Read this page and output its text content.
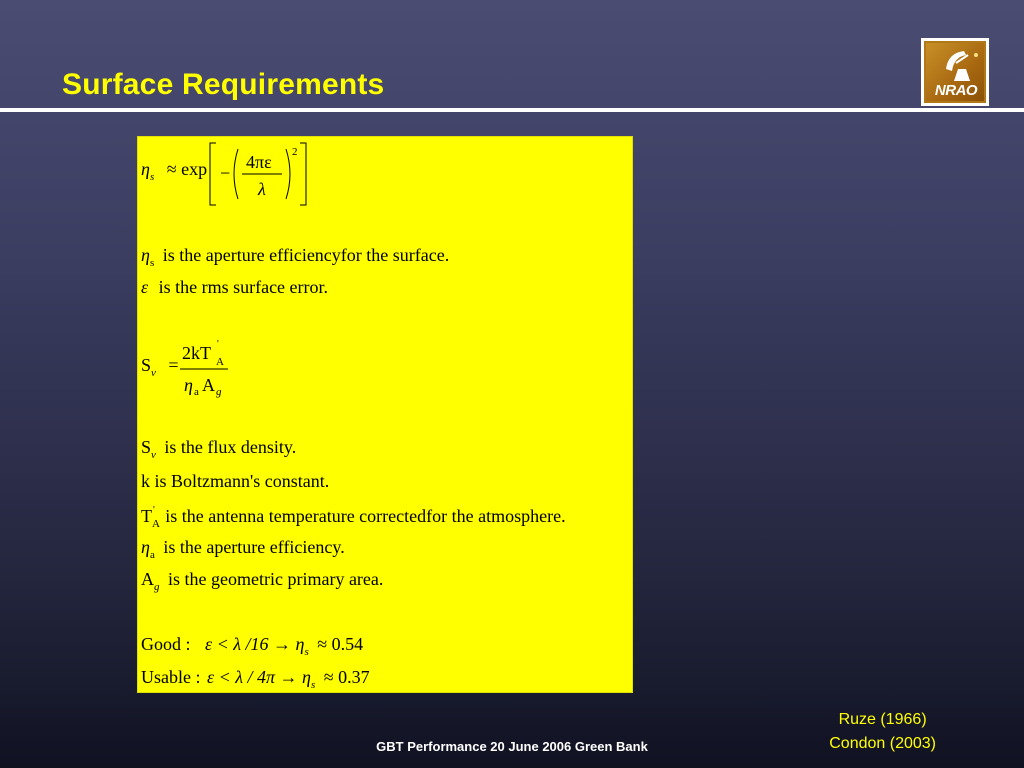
Surface Requirements	NRAO
$\eta_s \approx \exp$ −
4πε
λ
2
$\eta_s$ is the aperture efficiencyfor the surface.
ε is the rms surface error.
$S_\nu$ =
2kT A
'
η a A g
$S_\nu$ is the flux density.
k is Boltzmann's constant.
$T_A'$ is the antenna temperature correctedfor the atmosphere.
$\eta_a$ is the aperture efficiency.
$A_g$ is the geometric primary area.
Good : ε < λ $/16 \to \eta_s \approx 0.54$
Usable : $\varepsilon < \lambda / 4\pi \to \eta_s \approx 0.37$
Ruze (1966)
Condon (2003)
GBT Performance 20 June 2006 Green Bank
